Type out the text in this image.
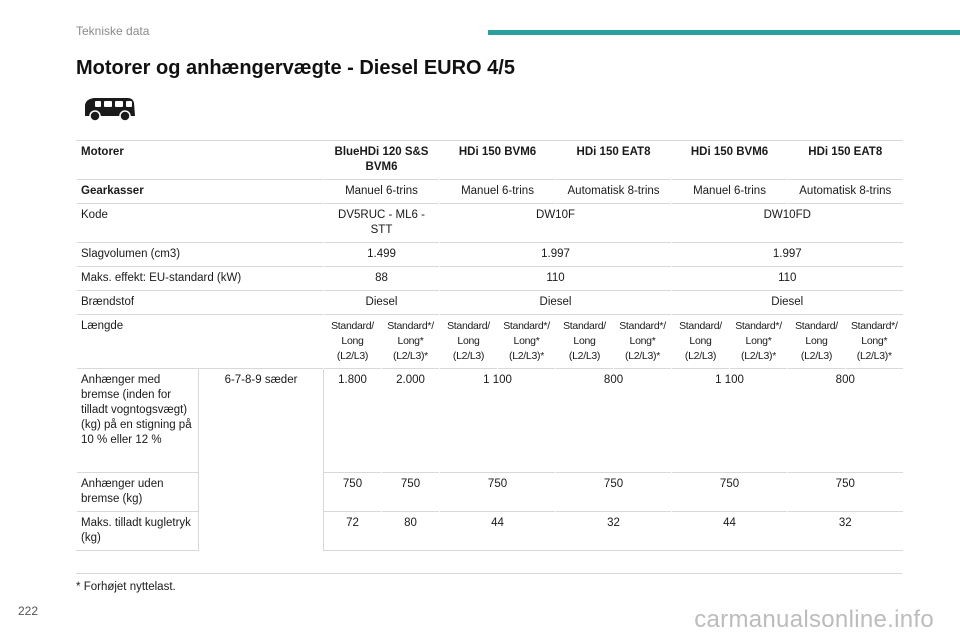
Tekniske data
Motorer og anhængervægte - Diesel EURO 4/5
Motorer		BlueHDi 120 S&S BVM6		HDi 150 BVM6		HDi 150 EAT8		HDi 150 BVM6		HDi 150 EAT8	
Gearkasser		Manuel 6-trins		Manuel 6-trins		Automatisk 8-trins		Manuel 6-trins		Automatisk 8-trins	
Kode		DV5RUC - ML6 - STT		DW10F				DW10FD			
Slagvolumen (cm3)		1.499		1.997				1.997			
Maks. effekt: EU-standard (kW)		88		110				110			
Brændstof		Diesel		Diesel				Diesel			
Længde		Standard/ Long (L2/L3)	Standard*/ Long* (L2/L3)*	Standard/ Long (L2/L3)	Standard*/ Long* (L2/L3)*	Standard/ Long (L2/L3)	Standard*/ Long* (L2/L3)*	Standard/ Long (L2/L3)	Standard*/ Long* (L2/L3)*	Standard/ Long (L2/L3)	Standard*/ Long* (L2/L3)*
Anhænger med bremse (inden for tilladt vogntogsvægt) (kg) på en stigning på 10 % eller 12 %	6-7-8-9 sæder	1.800	2.000	1 100		800		1 100		800	
Anhænger uden bremse (kg)		750	750	750		750		750		750	
Maks. tilladt kugletryk (kg)		72	80	44		32		44		32	
* Forhøjet nyttelast.
222	carmanualsonline.info
